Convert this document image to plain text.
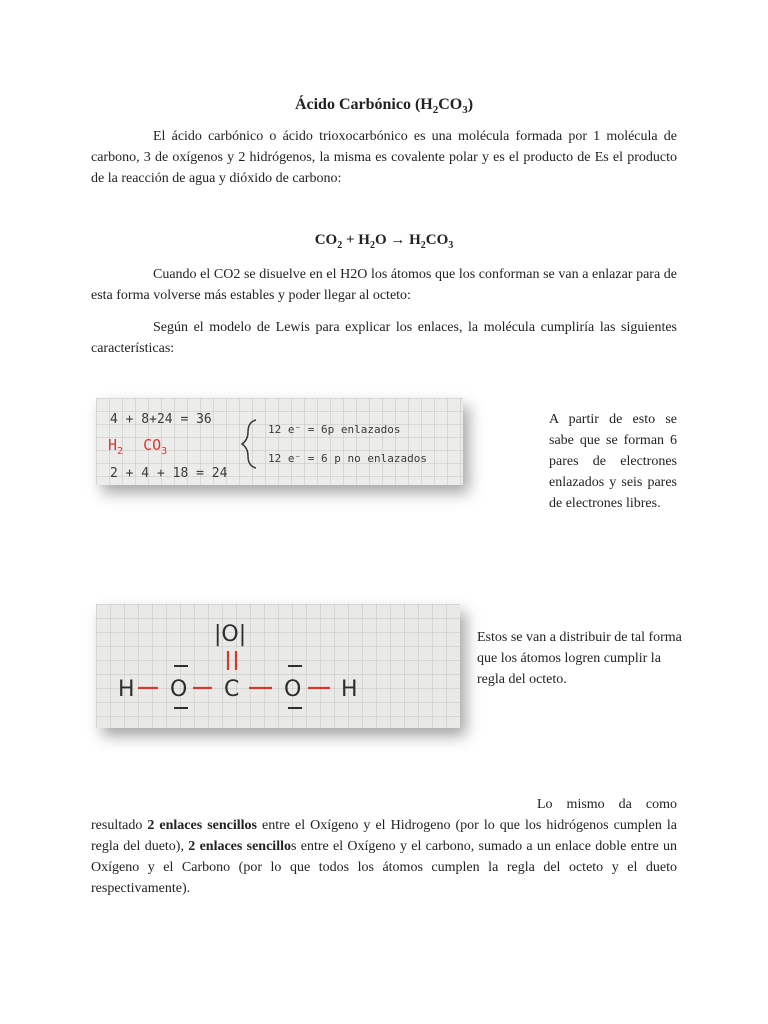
Ácido Carbónico $(H_2CO_3)$

El ácido carbónico o ácido trioxocarbónico es una molécula formada por 1 molécula de carbono, 3 de oxígenos y 2 hidrógenos, la misma es covalente polar y es el producto de Es el producto de la reacción de agua y dióxido de carbono:

$CO_2 + H_2O \to H_2CO_3$

Cuando el CO2 se disuelve en el H2O los átomos que los conforman se van a enlazar para de esta forma volverse más estables y poder llegar al octeto:

Según el modelo de Lewis para explicar los enlaces, la molécula cumpliría las siguientes características:

4 + 8+24 = 36
$H_2$ $CO_3$
2 + 4 + 18 = 24
12 e⁻ = 6p enlazados
12 e⁻ = 6 p no enlazados

A partir de esto se sabe que se forman 6 pares de electrones enlazados y seis pares de electrones libres.

|O|
H O C O H

Estos se van a distribuir de tal forma que los átomos logren cumplir la regla del octeto.

Lo mismo da como resultado 2 enlaces sencillos entre el Oxígeno y el Hidrogeno (por lo que los hidrógenos cumplen la regla del dueto), 2 enlaces sencillos entre el Oxígeno y el carbono, sumado a un enlace doble entre un Oxígeno y el Carbono (por lo que todos los átomos cumplen la regla del octeto y el dueto respectivamente).
